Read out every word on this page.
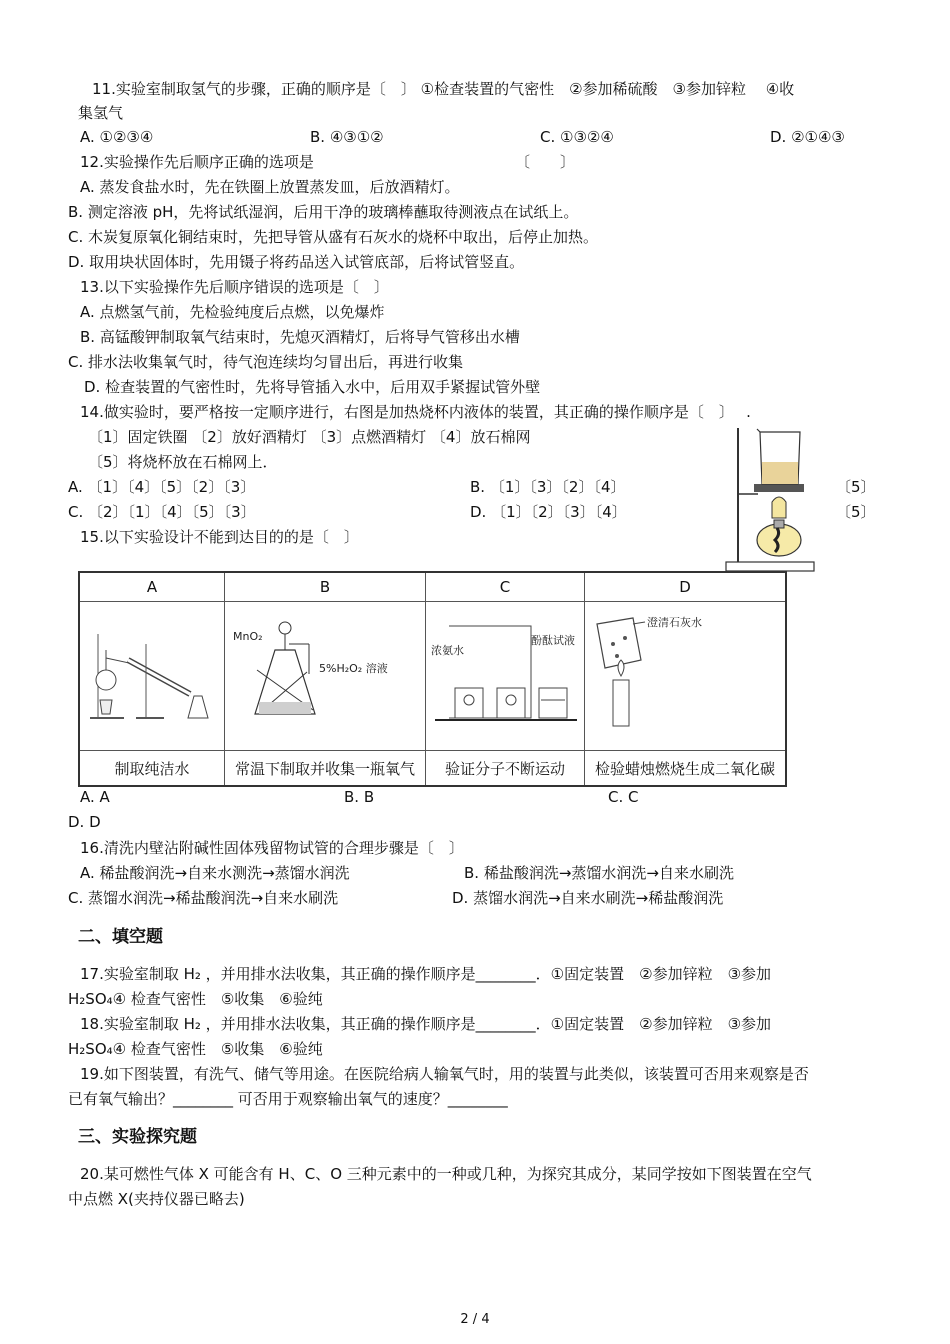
11.实验室制取氢气的步骤，正确的顺序是〔　〕 ①检查装置的气密性　②参加稀硫酸　③参加锌粒　 ④收
集氢气
A. ①②③④	B. ④③①②	C. ①③②④	D. ②①④③
12.实验操作先后顺序正确的选项是	〔　　〕
A. 蒸发食盐水时，先在铁圈上放置蒸发皿，后放酒精灯。
B. 测定溶液 pH，先将试纸湿润，后用干净的玻璃棒蘸取待测液点在试纸上。
C. 木炭复原氧化铜结束时，先把导管从盛有石灰水的烧杯中取出，后停止加热。
D. 取用块状固体时，先用镊子将药品送入试管底部，后将试管竖直。
13.以下实验操作先后顺序错误的选项是〔　〕
A. 点燃氢气前，先检验纯度后点燃，以免爆炸
B. 高锰酸钾制取氧气结束时，先熄灭酒精灯，后将导气管移出水槽
C. 排水法收集氧气时，待气泡连续均匀冒出后，再进行收集
D. 检查装置的气密性时，先将导管插入水中，后用双手紧握试管外壁
14.做实验时，要严格按一定顺序进行，右图是加热烧杯内液体的装置，其正确的操作顺序是〔　〕　 .
〔1〕固定铁圈 〔2〕放好酒精灯 〔3〕点燃酒精灯 〔4〕放石棉网
〔5〕将烧杯放在石棉网上．
A. 〔1〕〔4〕〔5〕〔2〕〔3〕	B. 〔1〕〔3〕〔2〕〔4〕	〔5〕
C. 〔2〕〔1〕〔4〕〔5〕〔3〕	D. 〔1〕〔2〕〔3〕〔4〕	〔5〕
15.以下实验设计不能到达目的的是〔　〕
A	B	C	D

MnO₂
5%H₂O₂ 溶液	浓氨水
酚酞试液	澄清石灰水

制取纯洁水	常温下制取并收集一瓶氧气	验证分子不断运动	检验蜡烛燃烧生成二氧化碳
A. A	B. B	C. C
D. D
16.清洗内壁沾附碱性固体残留物试管的合理步骤是〔　〕
A. 稀盐酸润洗→自来水测洗→蒸馏水润洗	B. 稀盐酸润洗→蒸馏水润洗→自来水刷洗
C. 蒸馏水润洗→稀盐酸润洗→自来水刷洗	D. 蒸馏水润洗→自来水刷洗→稀盐酸润洗
二、填空题
17.实验室制取 H₂ ，并用排水法收集，其正确的操作顺序是________．①固定装置　②参加锌粒　③参加
H₂SO₄④ 检查气密性　⑤收集　⑥验纯
18.实验室制取 H₂ ，并用排水法收集，其正确的操作顺序是________．①固定装置　②参加锌粒　③参加
H₂SO₄④ 检查气密性　⑤收集　⑥验纯
19.如下图装置，有洗气、储气等用途。在医院给病人输氧气时，用的装置与此类似，该装置可否用来观察是否
已有氧气输出？________ 可否用于观察输出氧气的速度？________
三、实验探究题
20.某可燃性气体 X 可能含有 H、C、O 三种元素中的一种或几种，为探究其成分，某同学按如下图装置在空气
中点燃 X(夹持仪器已略去)
2 / 4
